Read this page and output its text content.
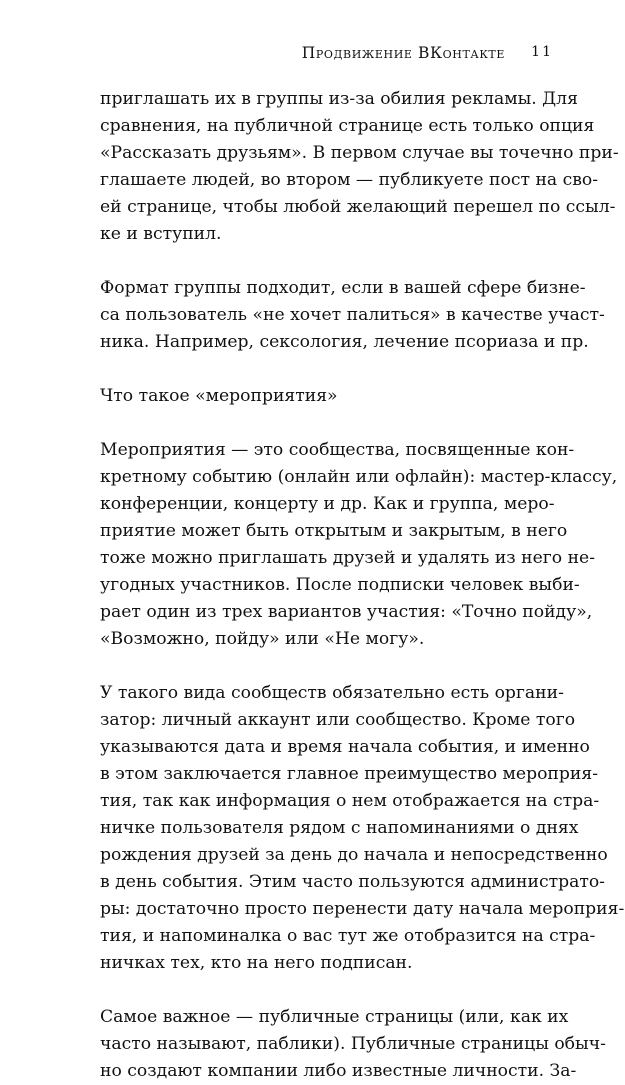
Продвижение ВКонтакте 11

приглашать их в группы из-за обилия рекламы. Для
сравнения, на публичной странице есть только опция
«Рассказать друзьям». В первом случае вы точечно при-
глашаете людей, во втором — публикуете пост на сво-
ей странице, чтобы любой желающий перешел по ссыл-
ке и вступил.

Формат группы подходит, если в вашей сфере бизне-
са пользователь «не хочет палиться» в качестве участ-
ника. Например, сексология, лечение псориаза и пр.

Что такое «мероприятия»

Мероприятия — это сообщества, посвященные кон-
кретному событию (онлайн или офлайн): мастер-классу,
конференции, концерту и др. Как и группа, меро-
приятие может быть открытым и закрытым, в него
тоже можно приглашать друзей и удалять из него не-
угодных участников. После подписки человек выби-
рает один из трех вариантов участия: «Точно пойду»,
«Возможно, пойду» или «Не могу».

У такого вида сообществ обязательно есть органи-
затор: личный аккаунт или сообщество. Кроме того
указываются дата и время начала события, и именно
в этом заключается главное преимущество мероприя-
тия, так как информация о нем отображается на стра-
ничке пользователя рядом с напоминаниями о днях
рождения друзей за день до начала и непосредственно
в день события. Этим часто пользуются администрато-
ры: достаточно просто перенести дату начала мероприя-
тия, и напоминалка о вас тут же отобразится на стра-
ничках тех, кто на него подписан.

Самое важное — публичные страницы (или, как их
часто называют, паблики). Публичные страницы обыч-
но создают компании либо известные личности. За-
